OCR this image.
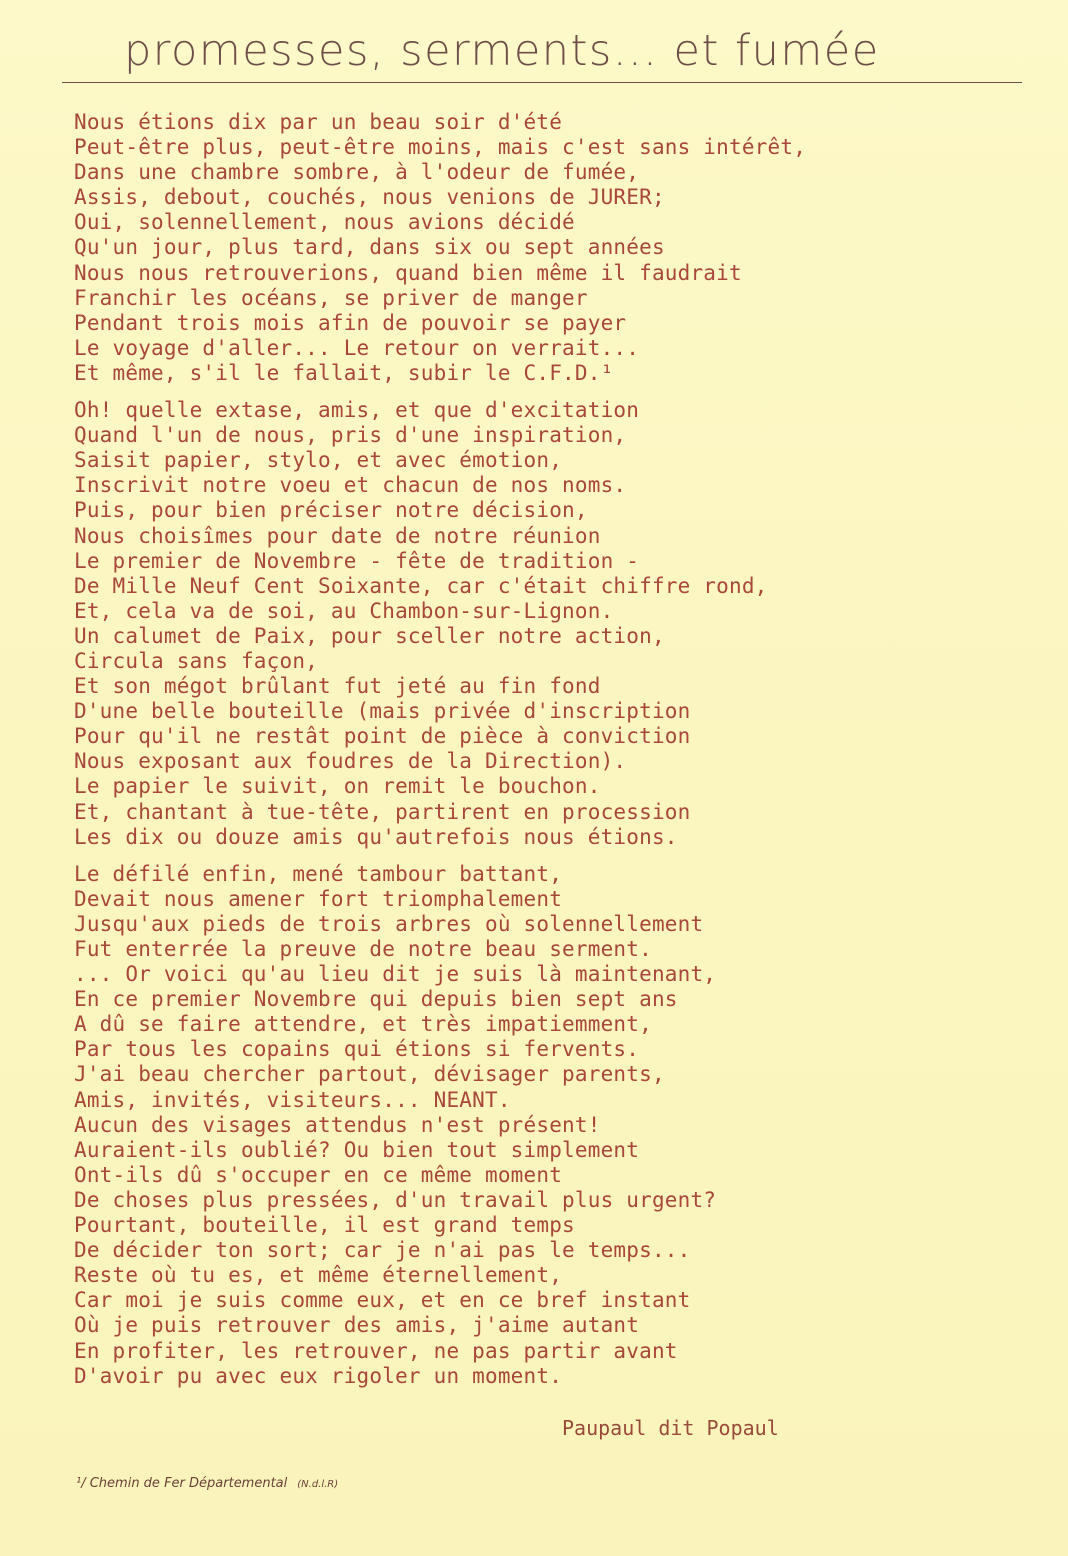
promesses, serments... et fumée
Nous étions dix par un beau soir d'été
Peut-être plus, peut-être moins, mais c'est sans intérêt,
Dans une chambre sombre, à l'odeur de fumée,
Assis, debout, couchés, nous venions de JURER;
Oui, solennellement, nous avions décidé
Qu'un jour, plus tard, dans six ou sept années
Nous nous retrouverions, quand bien même il faudrait
Franchir les océans, se priver de manger
Pendant trois mois afin de pouvoir se payer
Le voyage d'aller... Le retour on verrait...
Et même, s'il le fallait, subir le C.F.D.¹
Oh! quelle extase, amis, et que d'excitation
Quand l'un de nous, pris d'une inspiration,
Saisit papier, stylo, et avec émotion,
Inscrivit notre voeu et chacun de nos noms.
Puis, pour bien préciser notre décision,
Nous choisîmes pour date de notre réunion
Le premier de Novembre - fête de tradition -
De Mille Neuf Cent Soixante, car c'était chiffre rond,
Et, cela va de soi, au Chambon-sur-Lignon.
Un calumet de Paix, pour sceller notre action,
Circula sans façon,
Et son mégot brûlant fut jeté au fin fond
D'une belle bouteille (mais privée d'inscription
Pour qu'il ne restât point de pièce à conviction
Nous exposant aux foudres de la Direction).
Le papier le suivit, on remit le bouchon.
Et, chantant à tue-tête, partirent en procession
Les dix ou douze amis qu'autrefois nous étions.
Le défilé enfin, mené tambour battant,
Devait nous amener fort triomphalement
Jusqu'aux pieds de trois arbres où solennellement
Fut enterrée la preuve de notre beau serment.
... Or voici qu'au lieu dit je suis là maintenant,
En ce premier Novembre qui depuis bien sept ans
A dû se faire attendre, et très impatiemment,
Par tous les copains qui étions si fervents.
J'ai beau chercher partout, dévisager parents,
Amis, invités, visiteurs... NEANT.
Aucun des visages attendus n'est présent!
Auraient-ils oublié? Ou bien tout simplement
Ont-ils dû s'occuper en ce même moment
De choses plus pressées, d'un travail plus urgent?
Pourtant, bouteille, il est grand temps
De décider ton sort; car je n'ai pas le temps...
Reste où tu es, et même éternellement,
Car moi je suis comme eux, et en ce bref instant
Où je puis retrouver des amis, j'aime autant
En profiter, les retrouver, ne pas partir avant
D'avoir pu avec eux rigoler un moment.
Paupaul dit Popaul
¹/ Chemin de Fer Départemental (N.d.l.R)
